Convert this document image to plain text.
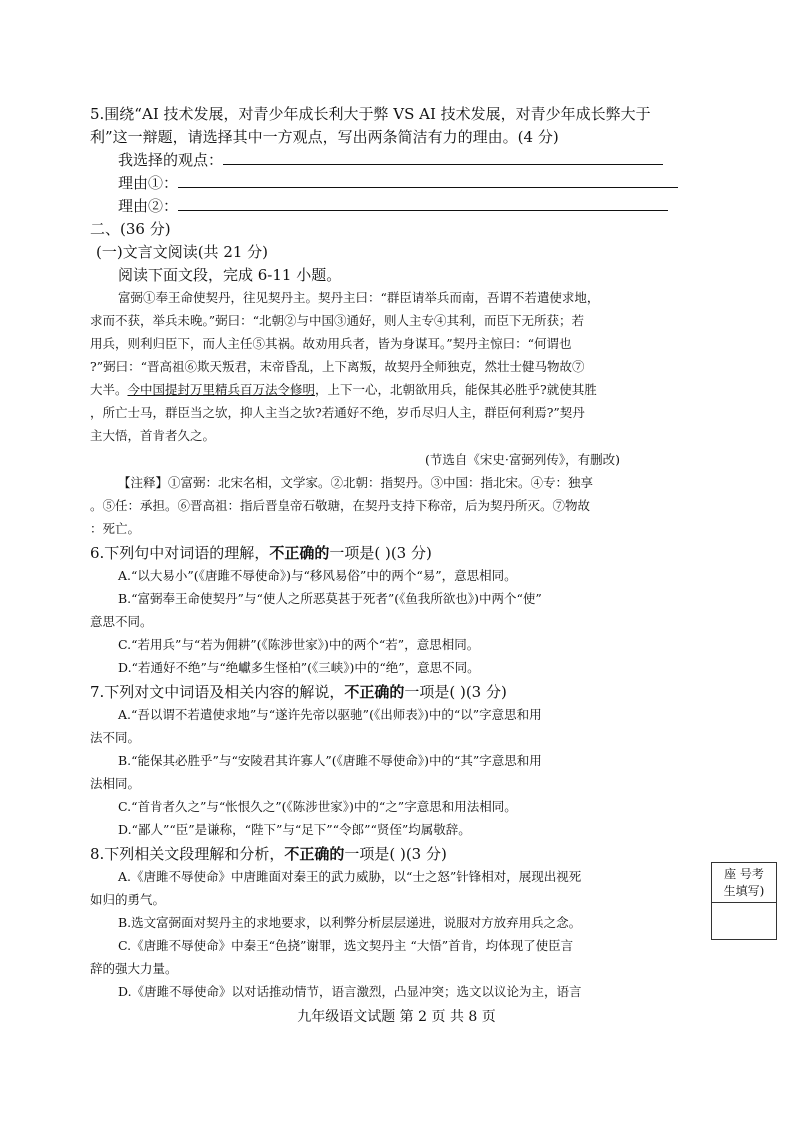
5.围绕“AI 技术发展，对青少年成长利大于弊 VS AI 技术发展，对青少年成长弊大于
利”这一辩题，请选择其中一方观点，写出两条简洁有力的理由。(4 分)
我选择的观点：
理由①：
理由②：
二、(36 分)
(一)文言文阅读(共 21 分)
阅读下面文段，完成 6-11 小题。
富弼①奉王命使契丹，往见契丹主。契丹主曰：“群臣请举兵而南，吾谓不若遣使求地，
求而不获，举兵未晚。”弼曰：“北朝②与中国③通好，则人主专④其利，而臣下无所获；若
用兵，则利归臣下，而人主任⑤其祸。故劝用兵者，皆为身谋耳。”契丹主惊曰：“何谓也
?”弼曰：“晋高祖⑥欺天叛君，末帝昏乱，上下离叛，故契丹全师独克，然壮士健马物故⑦
大半。今中国提封万里精兵百万法令修明，上下一心，北朝欲用兵，能保其必胜乎?就使其胜
，所亡士马，群臣当之欤，抑人主当之欤?若通好不绝，岁币尽归人主，群臣何利焉?”契丹
主大悟，首肯者久之。
(节选自《宋史·富弼列传》，有删改)
【注释】①富弼：北宋名相，文学家。②北朝：指契丹。③中国：指北宋。④专：独享
。⑤任：承担。⑥晋高祖：指后晋皇帝石敬瑭，在契丹支持下称帝，后为契丹所灭。⑦物故
：死亡。
6.下列句中对词语的理解，不正确的一项是( )(3 分)
A.“以大易小”(《唐雎不辱使命》)与“移风易俗”中的两个“易”，意思相同。
B.“富弼奉王命使契丹”与“使人之所恶莫甚于死者”(《鱼我所欲也》)中两个“使”
意思不同。
C.“若用兵”与“若为佣耕”(《陈涉世家》)中的两个“若”，意思相同。
D.“若通好不绝”与“绝巘多生怪柏”(《三峡》)中的“绝”，意思不同。
7.下列对文中词语及相关内容的解说，不正确的一项是( )(3 分)
A.“吾以谓不若遣使求地”与“遂许先帝以驱驰”(《出师表》)中的“以”字意思和用
法不同。
B.“能保其必胜乎”与“安陵君其许寡人”(《唐雎不辱使命》)中的“其”字意思和用
法相同。
C.“首肯者久之”与“怅恨久之”(《陈涉世家》)中的“之”字意思和用法相同。
D.“鄙人”“臣”是谦称，“陛下”与“足下”“令郎”“贤侄”均属敬辞。
8.下列相关文段理解和分析，不正确的一项是( )(3 分)
A.《唐雎不辱使命》中唐雎面对秦王的武力威胁，以“士之怒”针锋相对，展现出视死
如归的勇气。
B.选文富弼面对契丹主的求地要求，以利弊分析层层递进，说服对方放弃用兵之念。
C.《唐雎不辱使命》中秦王“色挠”谢罪，选文契丹主 “大悟”首肯，均体现了使臣言
辞的强大力量。
D.《唐雎不辱使命》以对话推动情节，语言激烈，凸显冲突；选文以议论为主，语言
座 号考
生填写)
九年级语文试题 第 2 页 共 8 页
